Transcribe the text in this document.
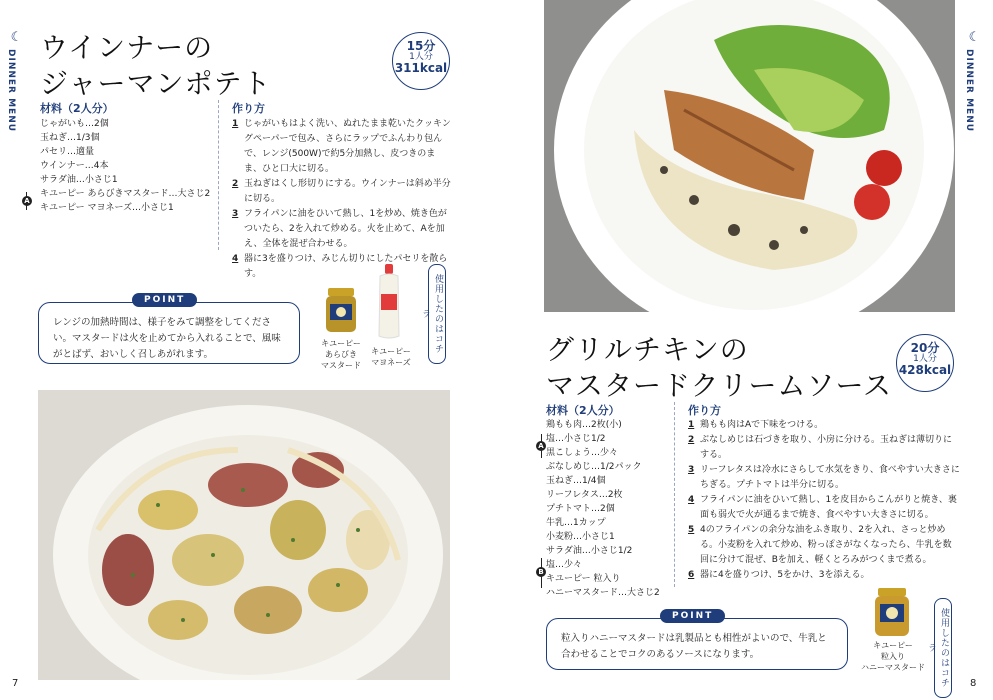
☾
DINNER MENU
ウインナーの
ジャーマンポテト
15分
1人分
311kcal
材料（2人分）
じゃがいも…2個
玉ねぎ…1/3個
パセリ…適量
ウインナー…4本
サラダ油…小さじ1
キユーピー あらびきマスタード…大さじ2
キユーピー マヨネーズ…小さじ1
A
作り方
1 じゃがいもはよく洗い、ぬれたまま乾いたクッキングペーパーで包み、さらにラップでふんわり包んで、レンジ(500W)で約5分加熱し、皮つきのまま、ひと口大に切る。
2 玉ねぎはくし形切りにする。ウインナーは斜め半分に切る。
3 フライパンに油をひいて熱し、1を炒め、焼き色がついたら、2を入れて炒める。火を止めて、Aを加え、全体を混ぜ合わせる。
4 器に3を盛りつけ、みじん切りにしたパセリを散らす。
レンジの加熱時間は、様子をみて調整をしてください。マスタードは火を止めてから入れることで、風味がとばず、おいしく召しあがれます。
POINT
キユーピー
あらびき
マスタード
キユーピー
マヨネーズ
使用したのはコチラ
7
☾
DINNER MENU
グリルチキンの
マスタードクリームソース
20分
1人分
428kcal
材料（2人分）
鶏もも肉…2枚(小)
塩…小さじ1/2
黒こしょう…少々
ぶなしめじ…1/2パック
玉ねぎ…1/4個
リーフレタス…2枚
プチトマト…2個
牛乳…1カップ
小麦粉…小さじ1
サラダ油…小さじ1/2
塩…少々
キユーピー 粒入り
ハニーマスタード…大さじ2
A
B
作り方
1 鶏もも肉はAで下味をつける。
2 ぶなしめじは石づきを取り、小房に分ける。玉ねぎは薄切りにする。
3 リーフレタスは冷水にさらして水気をきり、食べやすい大きさにちぎる。プチトマトは半分に切る。
4 フライパンに油をひいて熱し、1を皮目からこんがりと焼き、裏面も弱火で火が通るまで焼き、食べやすい大きさに切る。
5 4のフライパンの余分な油をふき取り、2を入れ、さっと炒める。小麦粉を入れて炒め、粉っぽさがなくなったら、牛乳を数回に分けて混ぜ、Bを加え、軽くとろみがつくまで煮る。
6 器に4を盛りつけ、5をかけ、3を添える。
粒入りハニーマスタードは乳製品とも相性がよいので、牛乳と合わせることでコクのあるソースになります。
POINT
キユーピー
粒入り
ハニーマスタード	使用したのはコチラ
8
